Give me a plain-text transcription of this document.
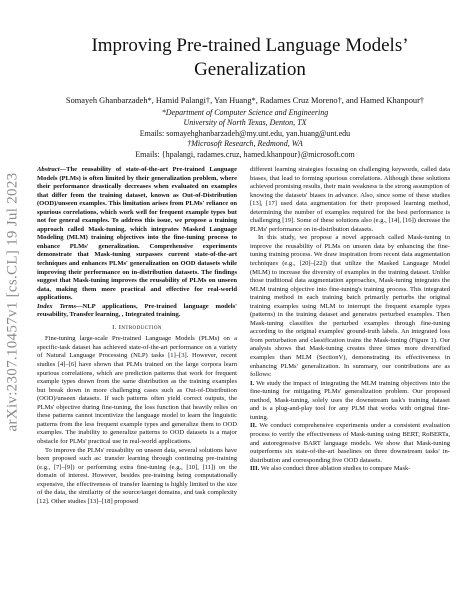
arXiv:2307.10457v1 [cs.CL] 19 Jul 2023
Improving Pre-trained Language Models’ Generalization
Somayeh Ghanbarzadeh*, Hamid Palangi†, Yan Huang*, Radames Cruz Moreno†, and Hamed Khanpour†
*Department of Computer Science and Engineering
University of North Texas, Denton, TX
Emails: somayehghanbarzadeh@my.unt.edu, yan.huang@unt.edu
†Microsoft Research, Redmond, WA
Emails: {hpalangi, radames.cruz, hamed.khanpour}@microsoft.com

Abstract—The reusability of state-of-the-art Pre-trained Language Models (PLMs) is often limited by their generalization problem, where their performance drastically decreases when evaluated on examples that differ from the training dataset, known as Out-of-Distribution (OOD)/unseen examples. This limitation arises from PLMs' reliance on spurious correlations, which work well for frequent example types but not for general examples. To address this issue, we propose a training approach called Mask-tuning, which integrates Masked Language Modeling (MLM) training objectives into the fine-tuning process to enhance PLMs' generalization. Comprehensive experiments demonstrate that Mask-tuning surpasses current state-of-the-art techniques and enhances PLMs' generalization on OOD datasets while improving their performance on in-distribution datasets. The findings suggest that Mask-tuning improves the reusability of PLMs on unseen data, making them more practical and effective for real-world applications.

Index Terms—NLP applications, Pre-trained language models' reusability, Transfer learning, , Integrated training.

I. Introduction

Fine-tuning large-scale Pre-trained Language Models (PLMs) on a specific-task dataset has achieved state-of-the-art performance on a variety of Natural Language Processing (NLP) tasks [1]–[3]. However, recent studies [4]–[6] have shown that PLMs trained on the large corpora learn spurious correlations, which are prediction patterns that work for frequent example types drawn from the same distribution as the training examples but break down in more challenging cases such as Out-of-Distribution (OOD)/unseen datasets. If such patterns often yield correct outputs, the PLMs' objective during fine-tuning, the loss function that heavily relies on these patterns cannot incentivize the language model to learn the linguistic patterns from the less frequent example types and generalize them to OOD examples. The inability to generalize patterns to OOD datasets is a major obstacle for PLMs' practical use in real-world applications.

To improve the PLMs' reusability on unseen data, several solutions have been proposed such as: transfer learning through continuing pre-training (e.g., [7]–[9]) or performing extra fine-tuning (e.g., [10], [11]) on the domain of interest. However, besides pre-training being computationally expensive, the effectiveness of transfer learning is highly limited to the size of the data, the similarity of the source/target domains, and task complexity [12]. Other studies [13]–[18] proposed

different learning strategies focusing on challenging keywords, called data biases, that lead to forming spurious correlations. Although these solutions achieved promising results, their main weakness is the strong assumption of knowing the datasets' biases in advance. Also, since some of these studies [13], [17] used data augmentation for their proposed learning method, determining the number of examples required for the best performance is challenging [19]. Some of these solutions also (e.g., [14], [16]) decrease the PLMs' performance on in-distribution datasets.

In this study, we propose a novel approach called Mask-tuning to improve the reusability of PLMs on unseen data by enhancing the fine-tuning training process. We draw inspiration from recent data augmentation techniques (e.g., [20]–[22]) that utilize the Masked Language Model (MLM) to increase the diversity of examples in the training dataset. Unlike those traditional data augmentation approaches, Mask-tuning integrates the MLM training objective into fine-tuning's training process. This integrated training method in each training batch primarily perturbs the original training examples using MLM to interrupt the frequent example types (patterns) in the training dataset and generates perturbed examples. Then Mask-tuning classifies the perturbed examples through fine-tuning according to the original examples' ground-truth labels. An integrated loss from perturbation and classification trains the Mask-tuning (Figure 1). Our analysis shows that Mask-tuning creates three times more diversified examples than MLM (SectionV), demonstrating its effectiveness in enhancing PLMs' generalization. In summary, our contributions are as follows:

I. We study the impact of integrating the MLM training objectives into the fine-tuning for mitigating PLMs' generalization problem. Our proposed method, Mask-tuning, solely uses the downstream task's training dataset and is a plug-and-play tool for any PLM that works with original fine-tuning.

II. We conduct comprehensive experiments under a consistent evaluation process to verify the effectiveness of Mask-tuning using BERT, RoBERTa, and autoregressive BART language models. We show that Mask-tuning outperforms six state-of-the-art baselines on three downstream tasks' in-distribution and corresponding five OOD datasets.

III. We also conduct three ablation studies to compare Mask-
